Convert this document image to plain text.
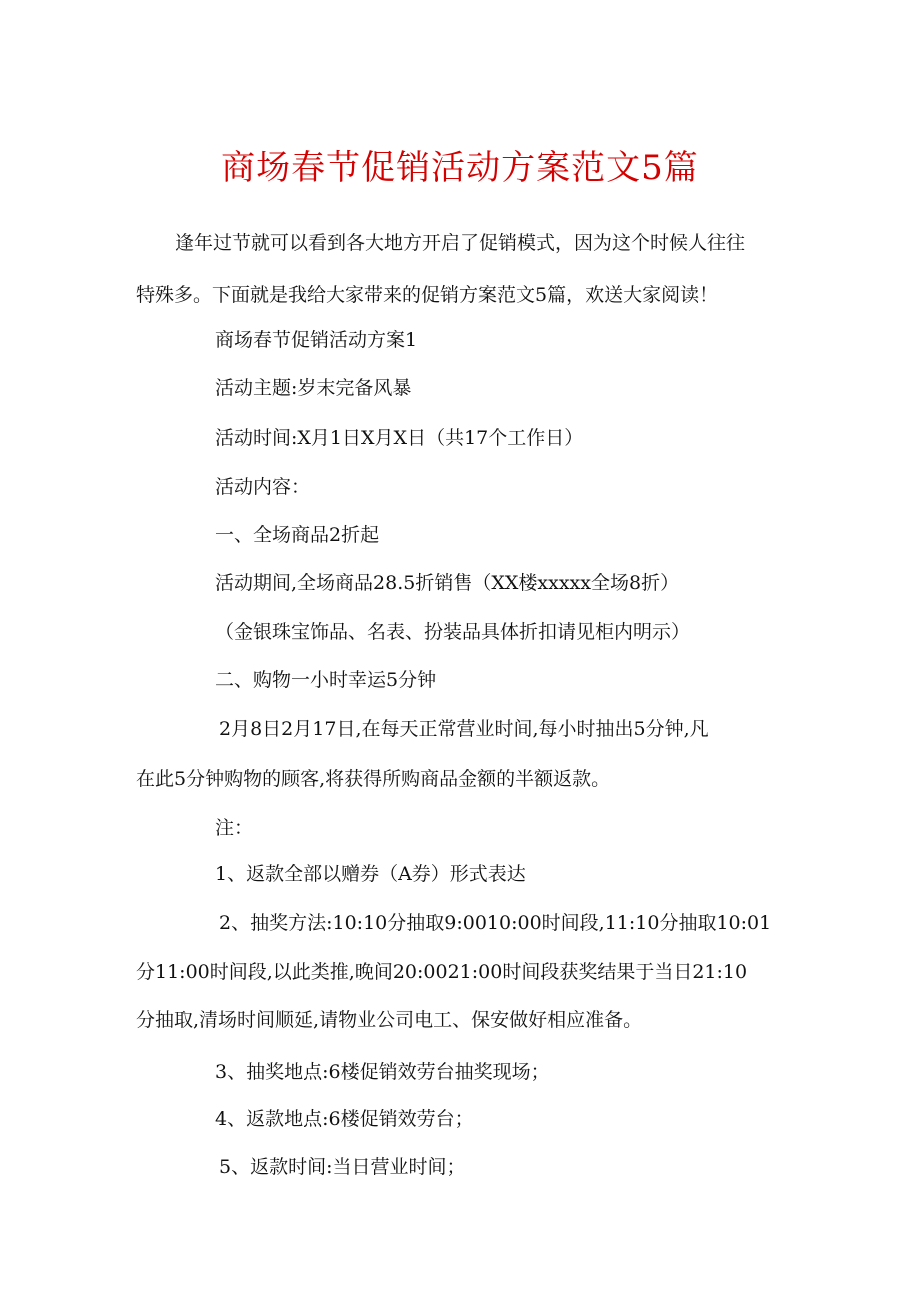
商场春节促销活动方案范文5篇
逢年过节就可以看到各大地方开启了促销模式，因为这个时候人往往
特殊多。下面就是我给大家带来的促销方案范文5篇，欢送大家阅读！
商场春节促销活动方案1
活动主题:岁末完备风暴
活动时间:X月1日X月X日（共17个工作日）
活动内容：
一、全场商品2折起
活动期间,全场商品28.5折销售（XX楼xxxxx全场8折）
（金银珠宝饰品、名表、扮装品具体折扣请见柜内明示）
二、购物一小时幸运5分钟
2月8日2月17日,在每天正常营业时间,每小时抽出5分钟,凡
在此5分钟购物的顾客,将获得所购商品金额的半额返款。
注：
1、返款全部以赠券（A券）形式表达
2、抽奖方法:10:10分抽取9:0010:00时间段,11:10分抽取10:01
分11:00时间段,以此类推,晚间20:0021:00时间段获奖结果于当日21:10
分抽取,清场时间顺延,请物业公司电工、保安做好相应准备。
3、抽奖地点:6楼促销效劳台抽奖现场；
4、返款地点:6楼促销效劳台；
5、返款时间:当日营业时间；
